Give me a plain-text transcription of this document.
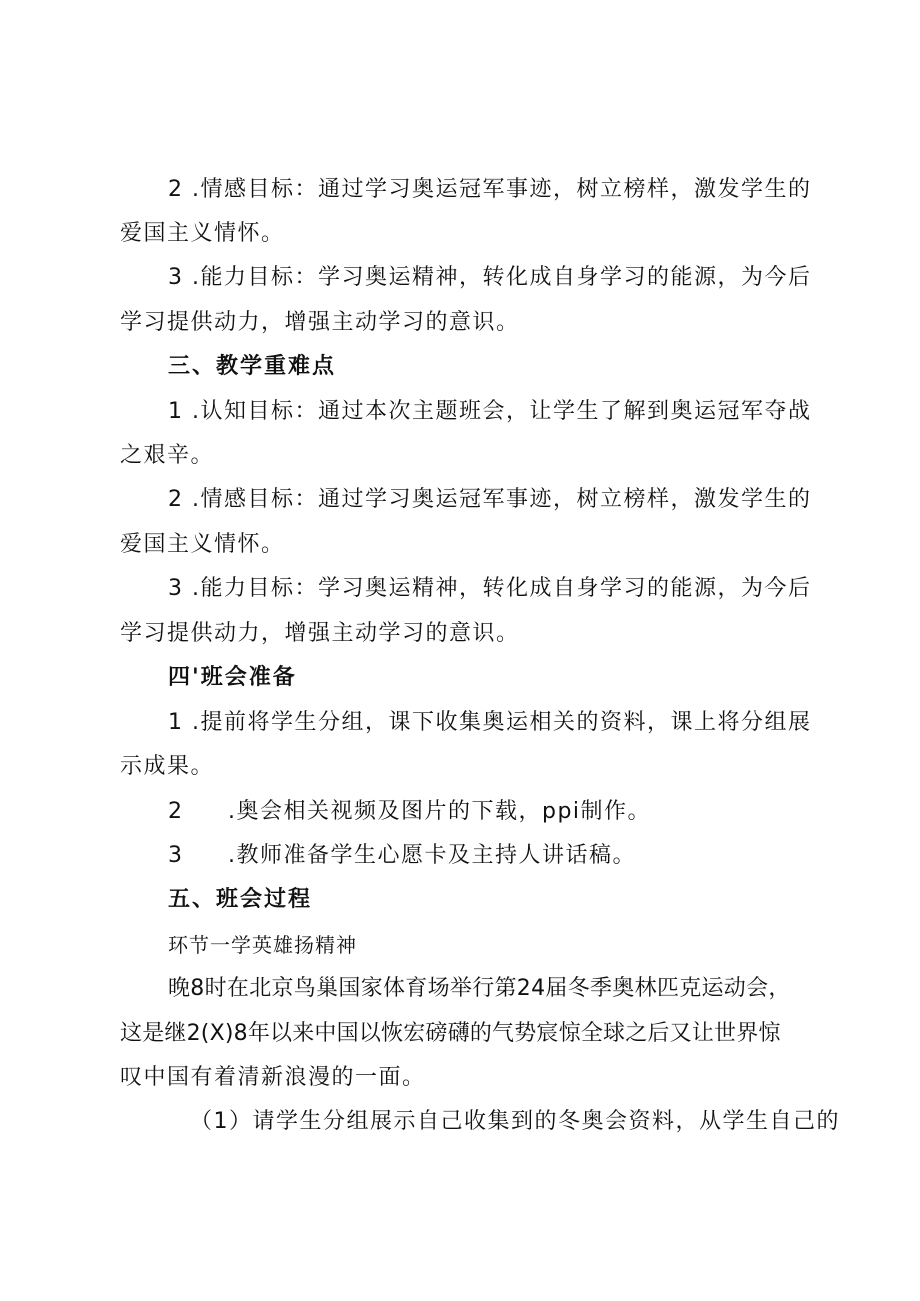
2 .情感目标：通过学习奥运冠军事迹，树立榜样，激发学生的
爱国主义情怀。
3 .能力目标：学习奥运精神，转化成自身学习的能源，为今后
学习提供动力，增强主动学习的意识。
三、教学重难点
1 .认知目标：通过本次主题班会，让学生了解到奥运冠军夺战
之艰辛。
2 .情感目标：通过学习奥运冠军事迹，树立榜样，激发学生的
爱国主义情怀。
3 .能力目标：学习奥运精神，转化成自身学习的能源，为今后
学习提供动力，增强主动学习的意识。
四'班会准备
1 .提前将学生分组，课下收集奥运相关的资料，课上将分组展
示成果。
2 .奥会相关视频及图片的下载，ppi制作。
3 .教师准备学生心愿卡及主持人讲话稿。
五、班会过程
环节一学英雄扬精神
晚8时在北京鸟巢国家体育场举行第24届冬季奥林匹克运动会，
这是继2(X)8年以来中国以恢宏磅礴的气势宸惊全球之后又让世界惊
叹中国有着清新浪漫的一面。
（1）请学生分组展示自己收集到的冬奥会资料，从学生自己的
